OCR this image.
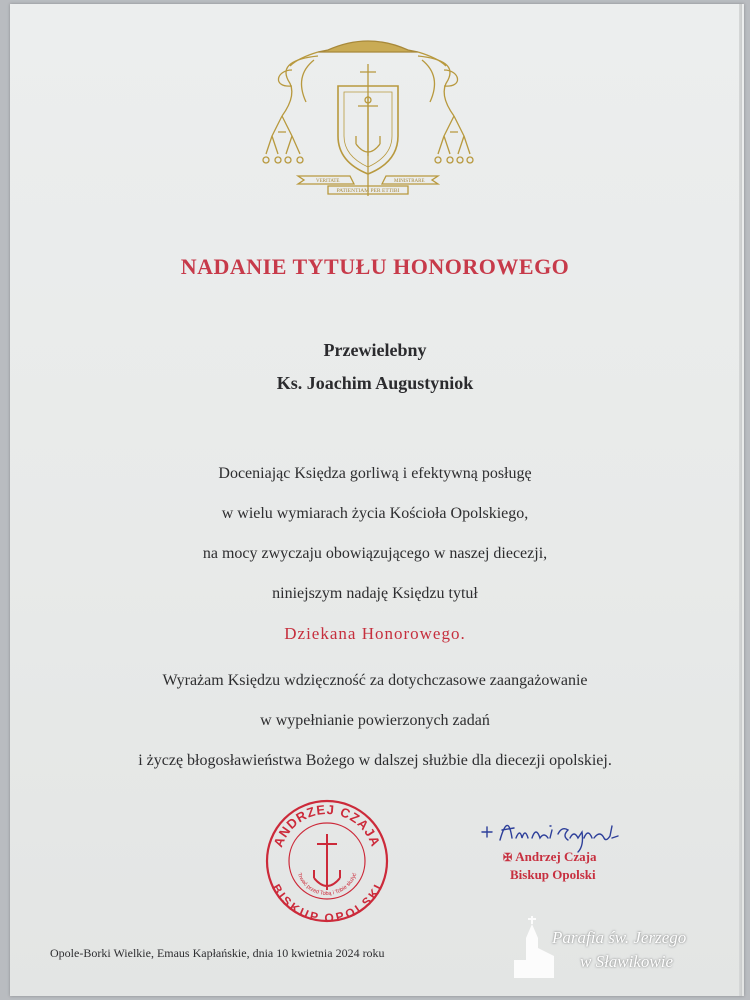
VERITATE	MINISTRARE
PATIENTIAM PER ETTIBI
NADANIE TYTUŁU HONOROWEGO
Przewielebny
Ks. Joachim Augustyniok
Doceniając Księdza gorliwą i efektywną posługę
w wielu wymiarach życia Kościoła Opolskiego,
na mocy zwyczaju obowiązującego w naszej diecezji,
niniejszym nadaję Księdzu tytuł
Dziekana Honorowego.
Wyrażam Księdzu wdzięczność za dotychczasowe zaangażowanie
w wypełnianie powierzonych zadań
i życzę błogosławieństwa Bożego w dalszej służbie dla diecezji opolskiej.
ANDRZEJ CZAJA
BISKUP OPOLSKI
Trwać przed Tobą i Tobie służyć
✠ Andrzej Czaja
Biskup Opolski
Opole-Borki Wielkie, Emaus Kapłańskie, dnia 10 kwietnia 2024 roku
Parafia św. Jerzego
w Sławikowie
